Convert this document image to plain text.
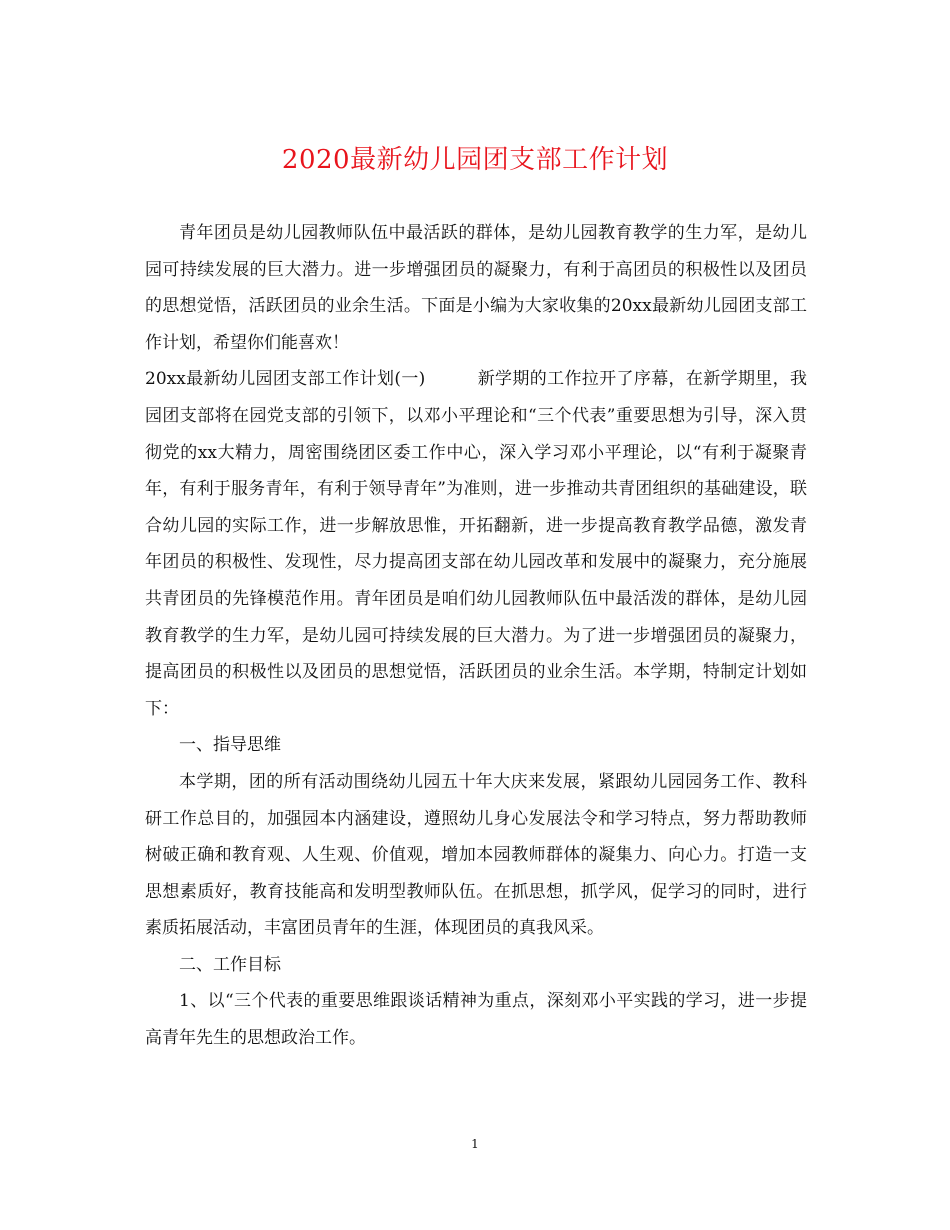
2020最新幼儿园团支部工作计划

青年团员是幼儿园教师队伍中最活跃的群体，是幼儿园教育教学的生力军，是幼儿园可持续发展的巨大潜力。进一步增强团员的凝聚力，有利于高团员的积极性以及团员的思想觉悟，活跃团员的业余生活。下面是小编为大家收集的20xx最新幼儿园团支部工作计划，希望你们能喜欢！

20xx最新幼儿园团支部工作计划(一)　　　新学期的工作拉开了序幕，在新学期里，我园团支部将在园党支部的引领下，以邓小平理论和“三个代表”重要思想为引导，深入贯彻党的xx大精力，周密围绕团区委工作中心，深入学习邓小平理论，以“有利于凝聚青年，有利于服务青年，有利于领导青年”为准则，进一步推动共青团组织的基础建设，联合幼儿园的实际工作，进一步解放思惟，开拓翻新，进一步提高教育教学品德，激发青年团员的积极性、发现性，尽力提高团支部在幼儿园改革和发展中的凝聚力，充分施展共青团员的先锋模范作用。青年团员是咱们幼儿园教师队伍中最活泼的群体，是幼儿园教育教学的生力军，是幼儿园可持续发展的巨大潜力。为了进一步增强团员的凝聚力，提高团员的积极性以及团员的思想觉悟，活跃团员的业余生活。本学期，特制定计划如下：

一、指导思维

本学期，团的所有活动围绕幼儿园五十年大庆来发展，紧跟幼儿园园务工作、教科研工作总目的，加强园本内涵建设，遵照幼儿身心发展法令和学习特点，努力帮助教师树破正确和教育观、人生观、价值观，增加本园教师群体的凝集力、向心力。打造一支思想素质好，教育技能高和发明型教师队伍。在抓思想，抓学风，促学习的同时，进行素质拓展活动，丰富团员青年的生涯，体现团员的真我风采。

二、工作目标

1、以“三个代表的重要思维跟谈话精神为重点，深刻邓小平实践的学习，进一步提高青年先生的思想政治工作。

1
